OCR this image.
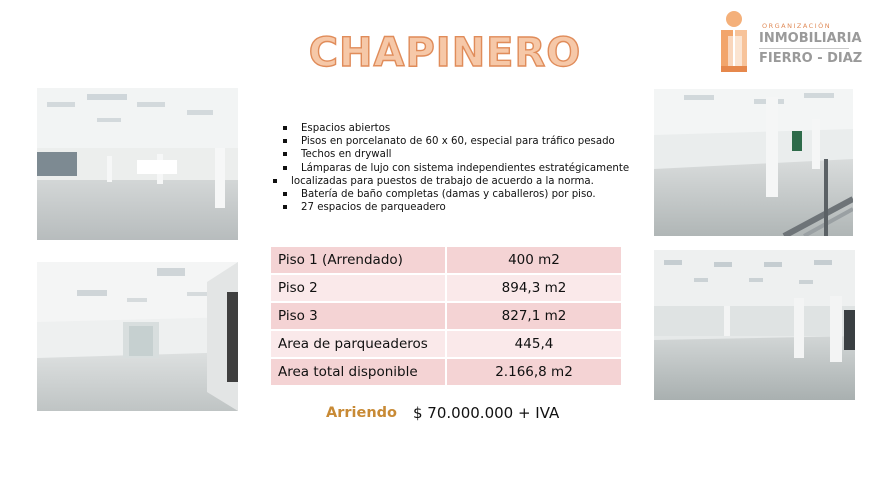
CHAPINERO
ORGANIZACIÓN
INMOBILIARIA
FIERRO - DIAZ
Espacios abiertos
Pisos en porcelanato de 60 x 60, especial para tráfico pesado
Techos en drywall
Lámparas de lujo con sistema independientes estratégicamente
localizadas para puestos de trabajo de acuerdo a la norma.
Batería de baño completas (damas y caballeros) por piso.
27 espacios de parqueadero
Piso 1 (Arrendado)	400 m2
Piso 2	894,3 m2
Piso 3	827,1 m2
Area de parqueaderos	445,4
Area total disponible	2.166,8 m2
Arriendo $ 70.000.000 + IVA
